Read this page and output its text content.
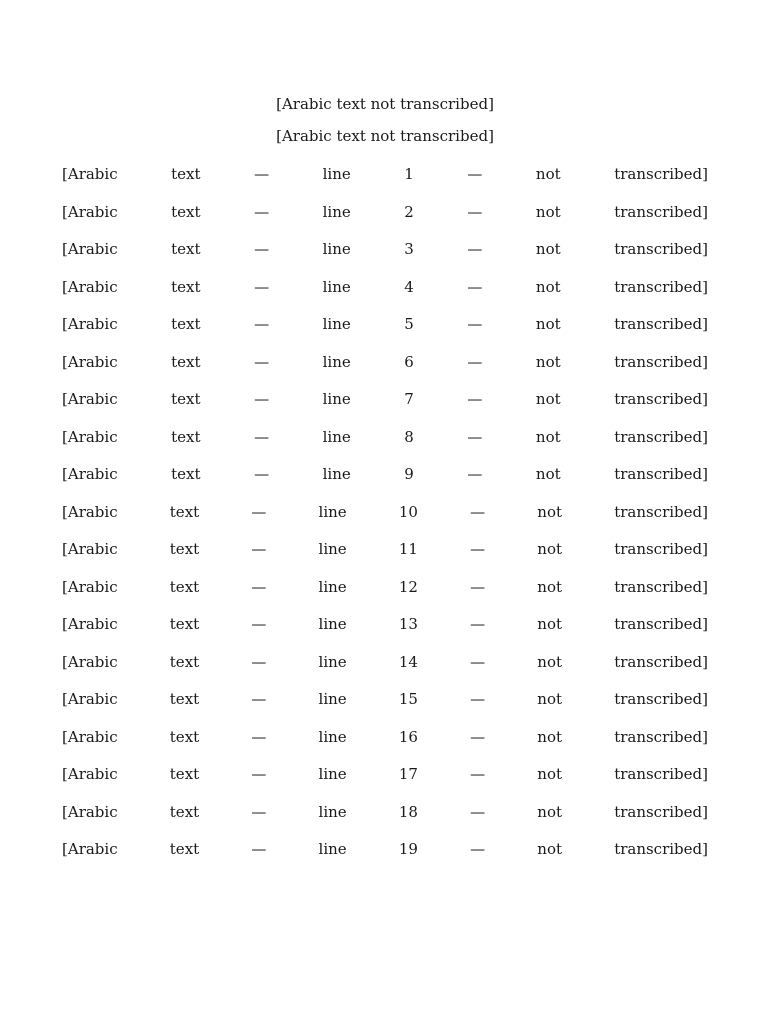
[Arabic text not transcribed]
[Arabic text not transcribed]
[Arabic text — line 1 — not transcribed]
[Arabic text — line 2 — not transcribed]
[Arabic text — line 3 — not transcribed]
[Arabic text — line 4 — not transcribed]
[Arabic text — line 5 — not transcribed]
[Arabic text — line 6 — not transcribed]
[Arabic text — line 7 — not transcribed]
[Arabic text — line 8 — not transcribed]
[Arabic text — line 9 — not transcribed]
[Arabic text — line 10 — not transcribed]
[Arabic text — line 11 — not transcribed]
[Arabic text — line 12 — not transcribed]
[Arabic text — line 13 — not transcribed]
[Arabic text — line 14 — not transcribed]
[Arabic text — line 15 — not transcribed]
[Arabic text — line 16 — not transcribed]
[Arabic text — line 17 — not transcribed]
[Arabic text — line 18 — not transcribed]
[Arabic text — line 19 — not transcribed]
